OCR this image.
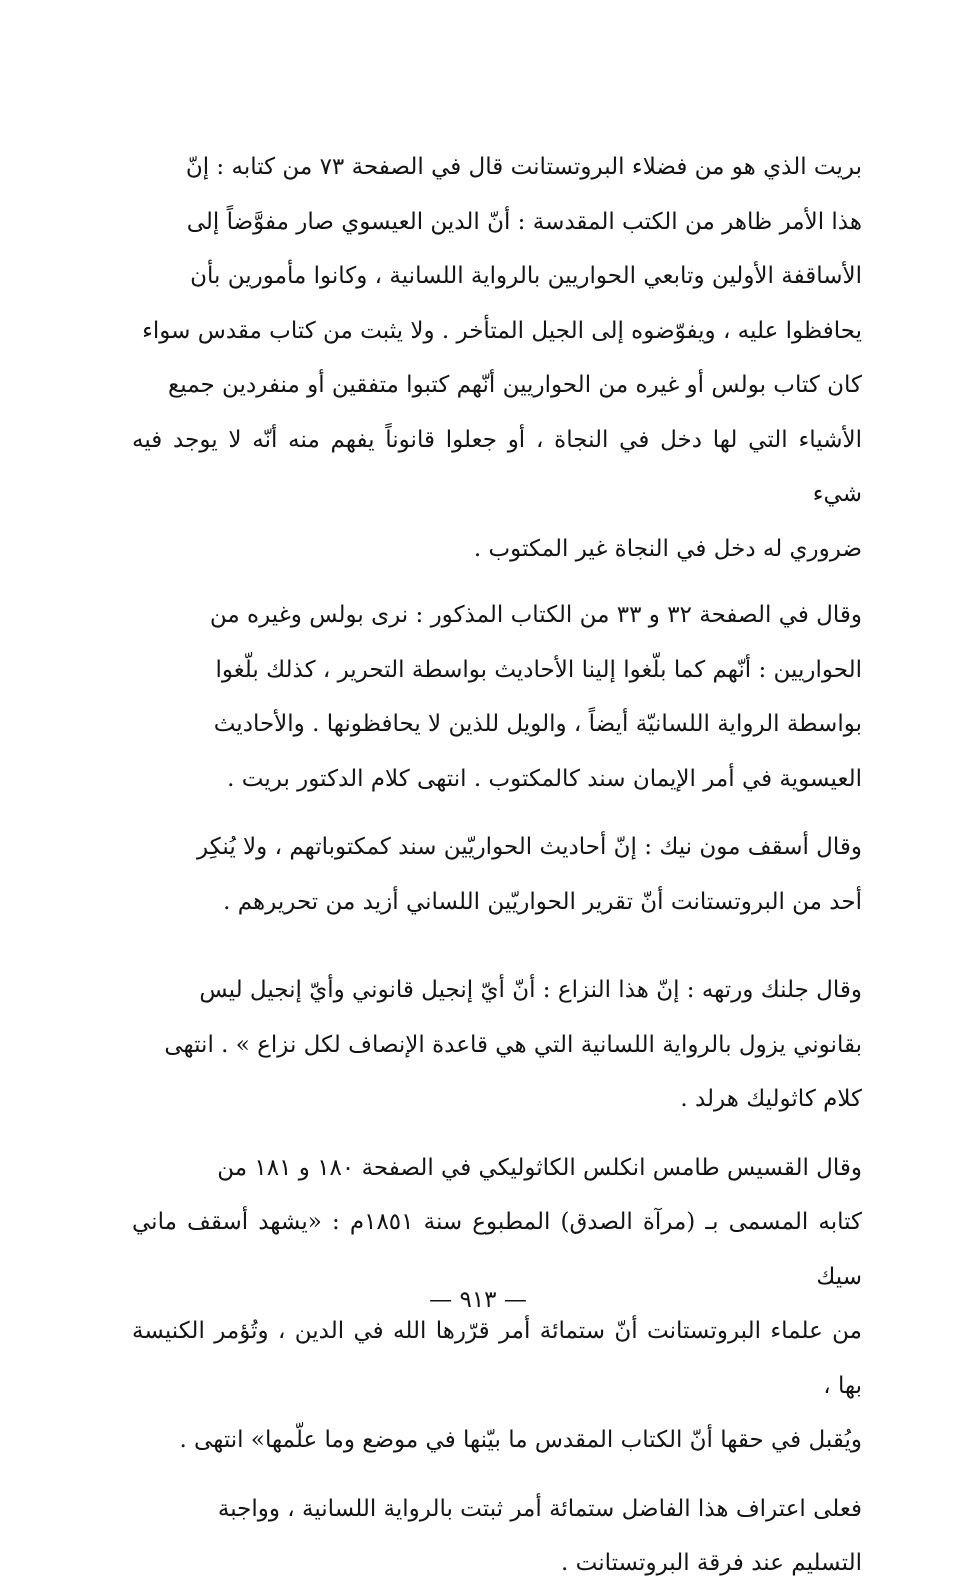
بريت الذي هو من فضلاء البروتستانت قال في الصفحة ٧٣ من كتابه : إنّ
هذا الأمر ظاهر من الكتب المقدسة : أنّ الدين العيسوي صار مفوَّضاً إلى
الأساقفة الأولين وتابعي الحواريين بالرواية اللسانية ، وكانوا مأمورين بأن
يحافظوا عليه ، ويفوّضوه إلى الجيل المتأخر . ولا يثبت من كتاب مقدس سواء
كان كتاب بولس أو غيره من الحواريين أنّهم كتبوا متفقين أو منفردين جميع
الأشياء التي لها دخل في النجاة ، أو جعلوا قانوناً يفهم منه أنّه لا يوجد فيه شيء
ضروري له دخل في النجاة غير المكتوب .

وقال في الصفحة ٣٢ و ٣٣ من الكتاب المذكور : نرى بولس وغيره من
الحواريين : أنّهم كما بلّغوا إلينا الأحاديث بواسطة التحرير ، كذلك بلّغوا
بواسطة الرواية اللسانيّة أيضاً ، والويل للذين لا يحافظونها . والأحاديث
العيسوية في أمر الإيمان سند كالمكتوب . انتهى كلام الدكتور بريت .

وقال أسقف مون نيك : إنّ أحاديث الحواريّين سند كمكتوباتهم ، ولا يُنكِر
أحد من البروتستانت أنّ تقرير الحواريّين اللساني أزيد من تحريرهم .

وقال جلنك ورتهه : إنّ هذا النزاع : أنّ أيّ إنجيل قانوني وأيّ إنجيل ليس
بقانوني يزول بالرواية اللسانية التي هي قاعدة الإنصاف لكل نزاع » . انتهى
كلام كاثوليك هرلد .

وقال القسيس طامس انكلس الكاثوليكي في الصفحة ١٨٠ و ١٨١ من
كتابه المسمى بـ (مرآة الصدق) المطبوع سنة ١٨٥١م : «يشهد أسقف ماني سيك
من علماء البروتستانت أنّ ستمائة أمر قرّرها الله في الدين ، وتُؤمر الكنيسة بها ،
ويُقبل في حقها أنّ الكتاب المقدس ما بيّنها في موضع وما علّمها» انتهى .

فعلى اعتراف هذا الفاضل ستمائة أمر ثبتت بالرواية اللسانية ، وواجبة
التسليم عند فرقة البروتستانت .

— ٩١٣ —
